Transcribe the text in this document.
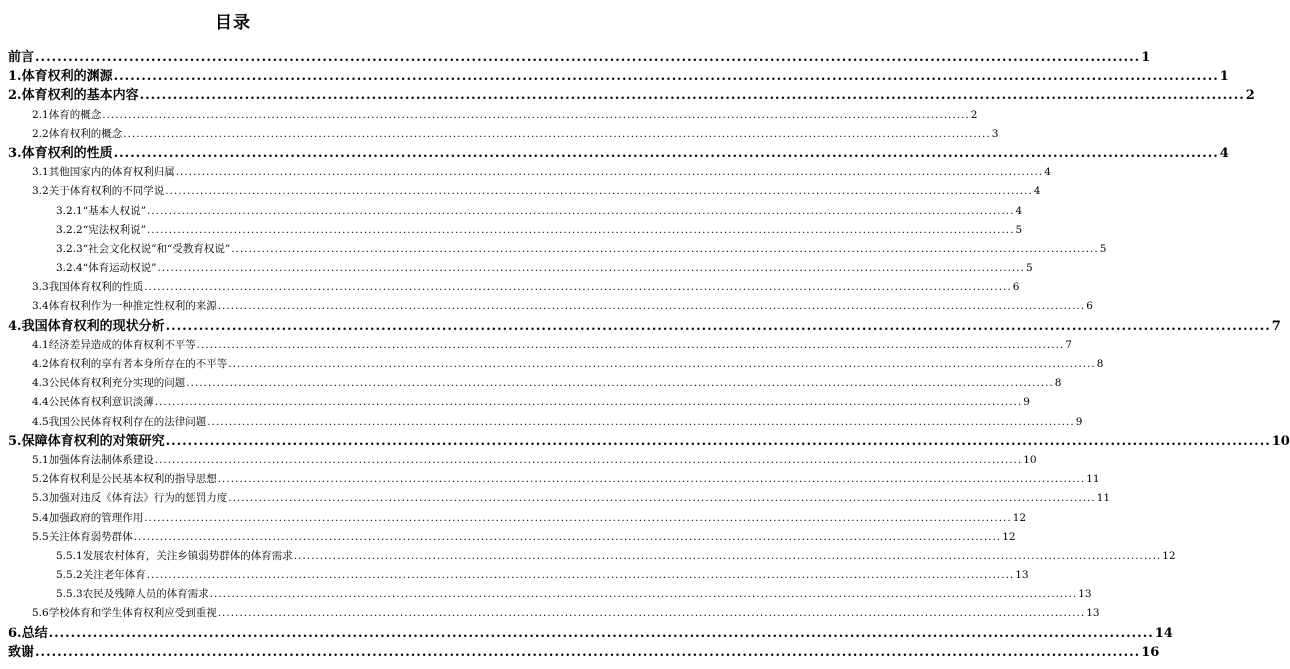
目录
前言 ........................................................................................................................................................................................................ 1
1.体育权利的渊源 ........................................................................................................................................................................................................ 1
2.体育权利的基本内容 ........................................................................................................................................................................................................ 2
2.1体育的概念 ........................................................................................................................................................................................................ 2
2.2体育权利的概念 ........................................................................................................................................................................................................ 3
3.体育权利的性质 ........................................................................................................................................................................................................ 4
3.1其他国家内的体育权利归属 ........................................................................................................................................................................................................ 4
3.2关于体育权利的不同学说 ........................................................................................................................................................................................................ 4
3.2.1“基本人权说” ........................................................................................................................................................................................................ 4
3.2.2“宪法权利说” ........................................................................................................................................................................................................ 5
3.2.3“社会文化权说”和“受教育权说” ........................................................................................................................................................................................................ 5
3.2.4“体育运动权说” ........................................................................................................................................................................................................ 5
3.3我国体育权利的性质 ........................................................................................................................................................................................................ 6
3.4体育权利作为一种推定性权利的来源 ........................................................................................................................................................................................................ 6
4.我国体育权利的现状分析 ........................................................................................................................................................................................................ 7
4.1经济差异造成的体育权利不平等 ........................................................................................................................................................................................................ 7
4.2体育权利的享有者本身所存在的不平等 ........................................................................................................................................................................................................ 8
4.3公民体育权利充分实现的问题 ........................................................................................................................................................................................................ 8
4.4公民体育权利意识淡薄 ........................................................................................................................................................................................................ 9
4.5我国公民体育权利存在的法律问题 ........................................................................................................................................................................................................ 9
5.保障体育权利的对策研究 ........................................................................................................................................................................................................ 10
5.1加强体育法制体系建设 ........................................................................................................................................................................................................ 10
5.2体育权利是公民基本权利的指导思想 ........................................................................................................................................................................................................ 11
5.3加强对违反《体育法》行为的惩罚力度 ........................................................................................................................................................................................................ 11
5.4加强政府的管理作用 ........................................................................................................................................................................................................ 12
5.5关注体育弱势群体 ........................................................................................................................................................................................................ 12
5.5.1发展农村体育，关注乡镇弱势群体的体育需求 ........................................................................................................................................................................................................ 12
5.5.2关注老年体育 ........................................................................................................................................................................................................ 13
5.5.3农民及残障人员的体育需求 ........................................................................................................................................................................................................ 13
5.6学校体育和学生体育权利应受到重视 ........................................................................................................................................................................................................ 13
6.总结 ........................................................................................................................................................................................................ 14
致谢 ........................................................................................................................................................................................................ 16
